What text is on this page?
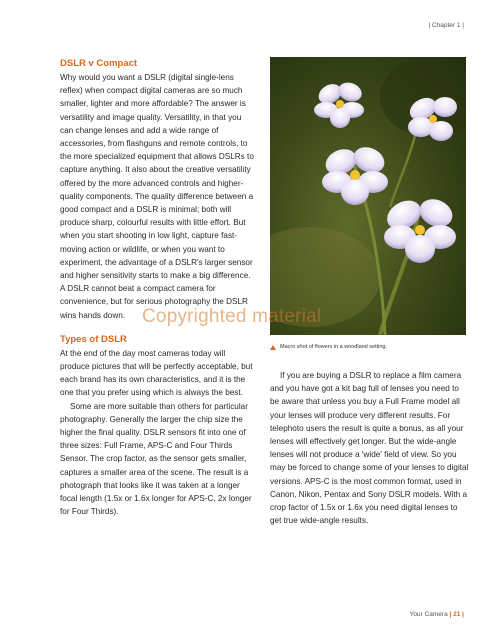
| Chapter 1 |

DSLR v Compact

Why would you want a DSLR (digital single-lens reflex) when compact digital cameras are so much smaller, lighter and more affordable? The answer is versatility and image quality. Versatility, in that you can change lenses and add a wide range of accessories, from flashguns and remote controls, to the more specialized equipment that allows DSLRs to capture anything. It also about the creative versatility offered by the more advanced controls and higher-quality components. The quality difference between a good compact and a DSLR is minimal; both will produce sharp, colourful results with little effort. But when you start shooting in low light, capture fast-moving action or wildlife, or when you want to experiment, the advantage of a DSLR's larger sensor and higher sensitivity starts to make a big difference. A DSLR cannot beat a compact camera for convenience, but for serious photography the DSLR wins hands down.

Types of DSLR

At the end of the day most cameras today will produce pictures that will be perfectly acceptable, but each brand has its own characteristics, and it is the one that you prefer using which is always the best.

Some are more suitable than others for particular photography. Generally the larger the chip size the higher the final quality. DSLR sensors fit into one of three sizes: Full Frame, APS-C and Four Thirds Sensor. The crop factor, as the sensor gets smaller, captures a smaller area of the scene. The result is a photograph that looks like it was taken at a longer focal length (1.5x or 1.6x longer for APS-C, 2x longer for Four Thirds).

Macro shot of flowers in a woodland setting.

If you are buying a DSLR to replace a film camera and you have got a kit bag full of lenses you need to be aware that unless you buy a Full Frame model all your lenses will produce very different results. For telephoto users the result is quite a bonus, as all your lenses will effectively get longer. But the wide-angle lenses will not produce a 'wide' field of view. So you may be forced to change some of your lenses to digital versions. APS-C is the most common format, used in Canon, Nikon, Pentax and Sony DSLR models. With a crop factor of 1.5x or 1.6x you need digital lenses to get true wide-angle results.

Copyrighted material
Your Camera | 21 |
